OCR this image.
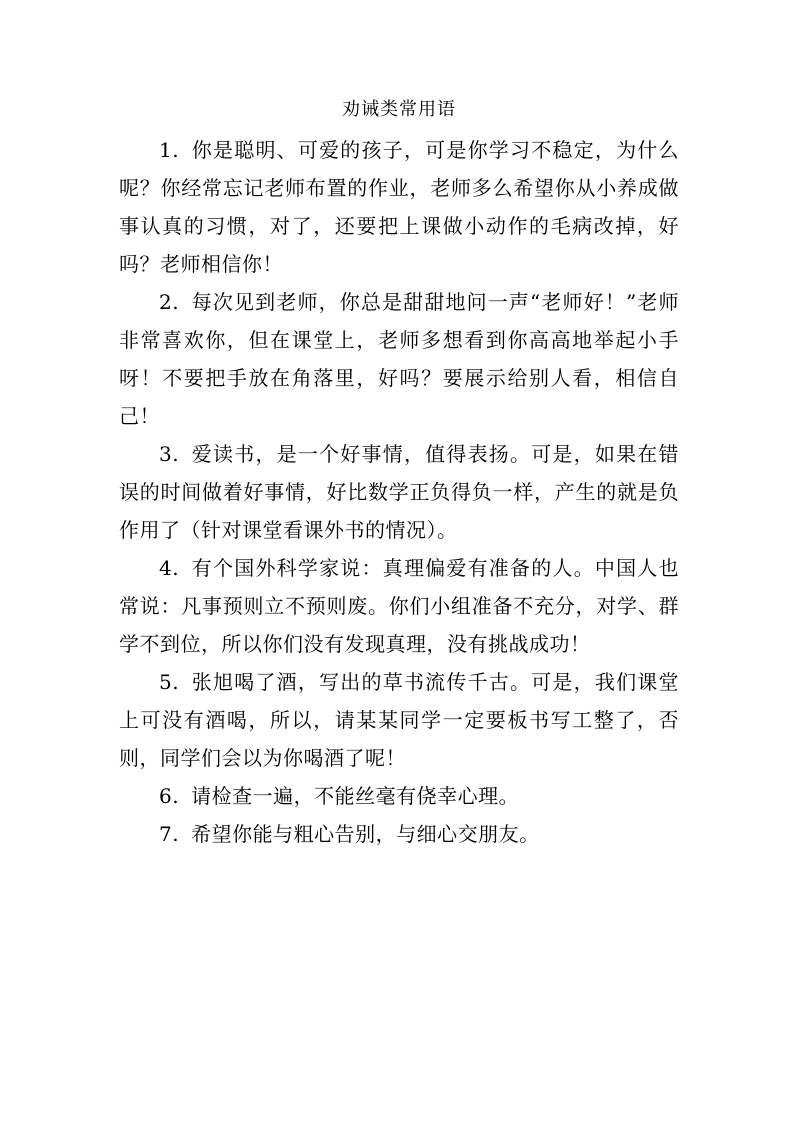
劝诫类常用语

1. 你是聪明、可爱的孩子，可是你学习不稳定，为什么呢？你经常忘记老师布置的作业，老师多么希望你从小养成做事认真的习惯，对了，还要把上课做小动作的毛病改掉，好吗？老师相信你！

2. 每次见到老师，你总是甜甜地问一声“老师好！”老师非常喜欢你，但在课堂上，老师多想看到你高高地举起小手呀！不要把手放在角落里，好吗？要展示给别人看，相信自己！

3. 爱读书，是一个好事情，值得表扬。可是，如果在错误的时间做着好事情，好比数学正负得负一样，产生的就是负作用了（针对课堂看课外书的情况）。

4. 有个国外科学家说：真理偏爱有准备的人。中国人也常说：凡事预则立不预则废。你们小组准备不充分，对学、群学不到位，所以你们没有发现真理，没有挑战成功！

5. 张旭喝了酒，写出的草书流传千古。可是，我们课堂上可没有酒喝，所以，请某某同学一定要板书写工整了，否则，同学们会以为你喝酒了呢！

6. 请检查一遍，不能丝毫有侥幸心理。

7. 希望你能与粗心告别，与细心交朋友。
